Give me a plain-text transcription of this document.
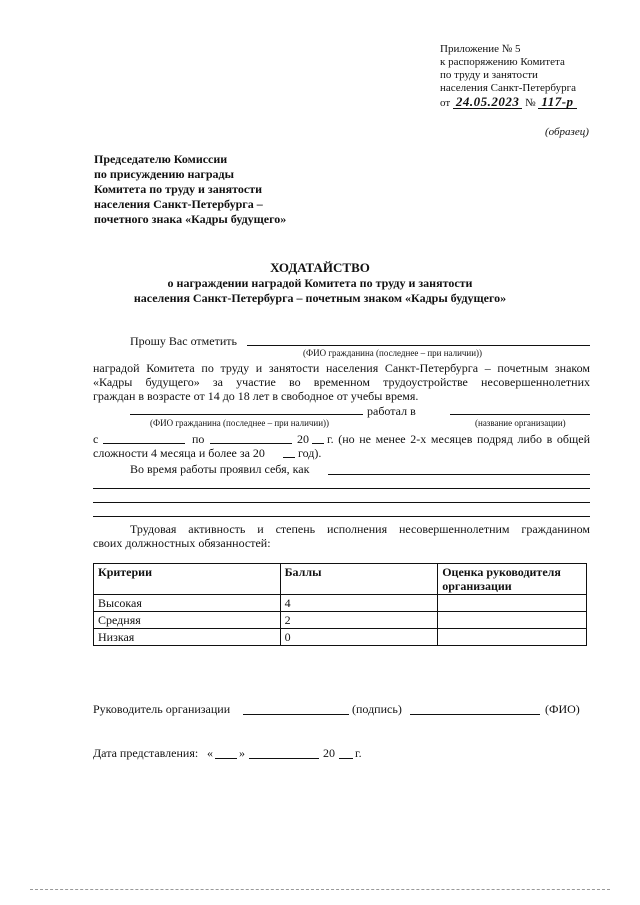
Приложение № 5
к распоряжению Комитета
по труду и занятости
населения Санкт-Петербурга
от 24.05.2023 № 117-р
(образец)
Председателю Комиссии
по присуждению награды
Комитета по труду и занятости
населения Санкт-Петербурга –
почетного знака «Кадры будущего»
ХОДАТАЙСТВО
о награждении наградой Комитета по труду и занятости
населения Санкт-Петербурга – почетным знаком «Кадры будущего»
Прошу Вас отметить
(ФИО гражданина (последнее – при наличии))
наградой Комитета по труду и занятости населения Санкт-Петербурга – почетным знаком
«Кадры будущего» за участие во временном трудоустройстве несовершеннолетних
граждан в возрасте от 14 до 18 лет в свободное от учебы время.
работал в
(ФИО гражданина (последнее – при наличии))	(название организации)
с	по	20 г. (но не менее 2-х месяцев подряд либо в общей
сложности 4 месяца и более за 20	год).
Во время работы проявил себя, как
Трудовая активность и степень исполнения несовершеннолетним гражданином
своих должностных обязанностей:
Критерии	Баллы	Оценка руководителя организации
Высокая	4	
Средняя	2	
Низкая	0	
Руководитель организации	(подпись)	(ФИО)
Дата представления: « »	20 г.
